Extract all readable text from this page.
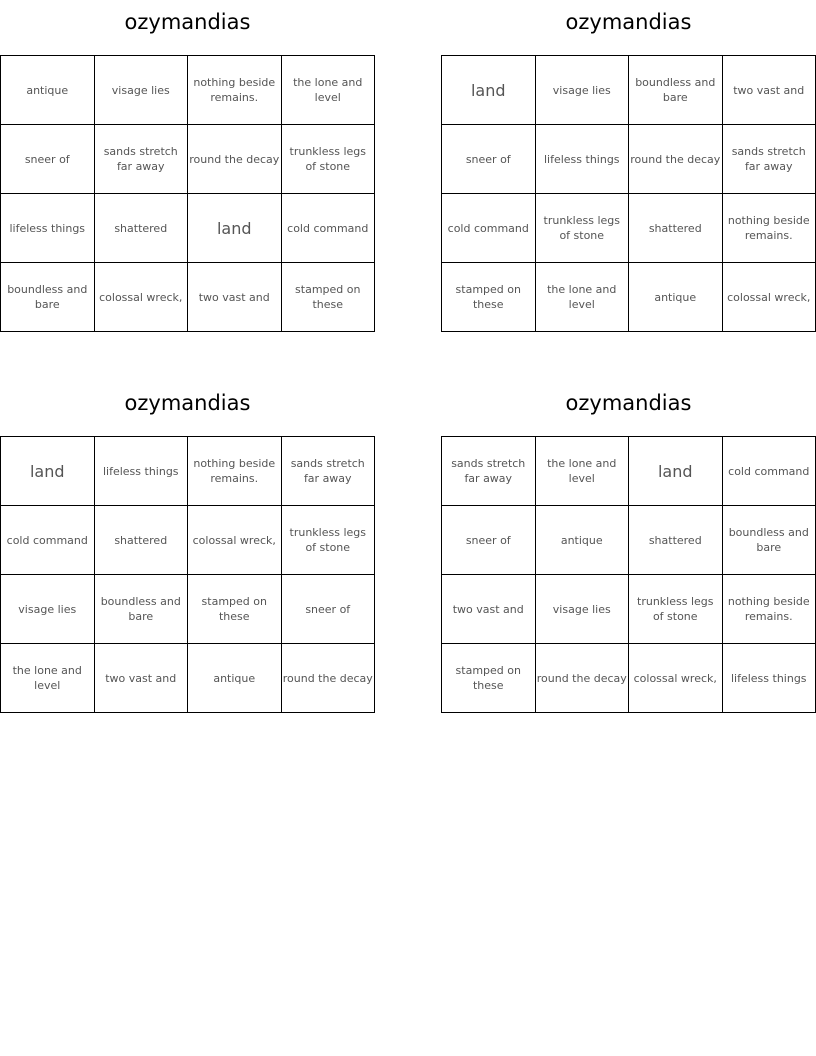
ozymandias
antique	visage lies	nothing beside remains.	the lone and level
sneer of	sands stretch far away	round the decay	trunkless legs of stone
lifeless things	shattered	land	cold command
boundless and bare	colossal wreck,	two vast and	stamped on these
ozymandias
land	visage lies	boundless and bare	two vast and
sneer of	lifeless things	round the decay	sands stretch far away
cold command	trunkless legs of stone	shattered	nothing beside remains.
stamped on these	the lone and level	antique	colossal wreck,
ozymandias
land	lifeless things	nothing beside remains.	sands stretch far away
cold command	shattered	colossal wreck,	trunkless legs of stone
visage lies	boundless and bare	stamped on these	sneer of
the lone and level	two vast and	antique	round the decay
ozymandias
sands stretch far away	the lone and level	land	cold command
sneer of	antique	shattered	boundless and bare
two vast and	visage lies	trunkless legs of stone	nothing beside remains.
stamped on these	round the decay	colossal wreck,	lifeless things
